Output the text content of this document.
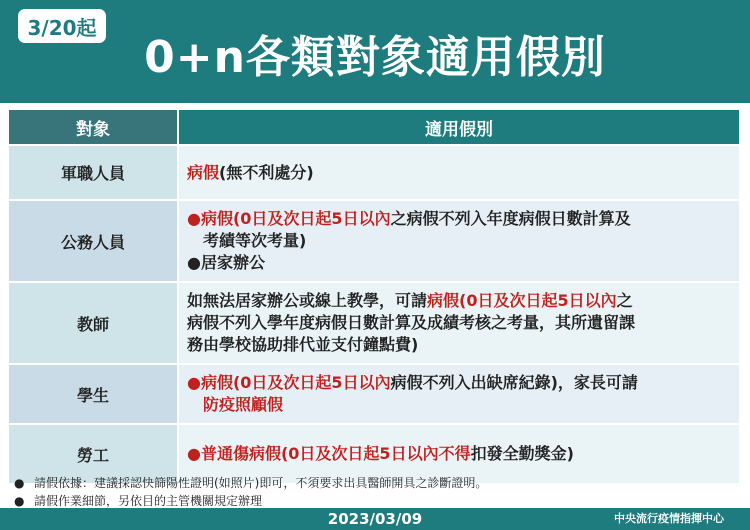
3/20起
0+n各類對象適用假別
對象	適用假別
軍職人員	病假(無不利處分)
公務人員	●病假(0日及次日起5日以內之病假不列入年度病假日數計算及
考績等次考量)
●居家辦公
教師	如無法居家辦公或線上教學，可請病假(0日及次日起5日以內之
病假不列入學年度病假日數計算及成績考核之考量，其所遺留課
務由學校協助排代並支付鐘點費)

學生	●病假(0日及次日起5日以內病假不列入出缺席紀錄)，家長可請
防疫照顧假

勞工	●普通傷病假(0日及次日起5日以內不得扣發全勤獎金)
● 請假依據：建議採認快篩陽性證明(如照片)即可，不須要求出具醫師開具之診斷證明。
● 請假作業細節，另依目的主管機關規定辦理
2023/03/09	中央流行疫情指揮中心
